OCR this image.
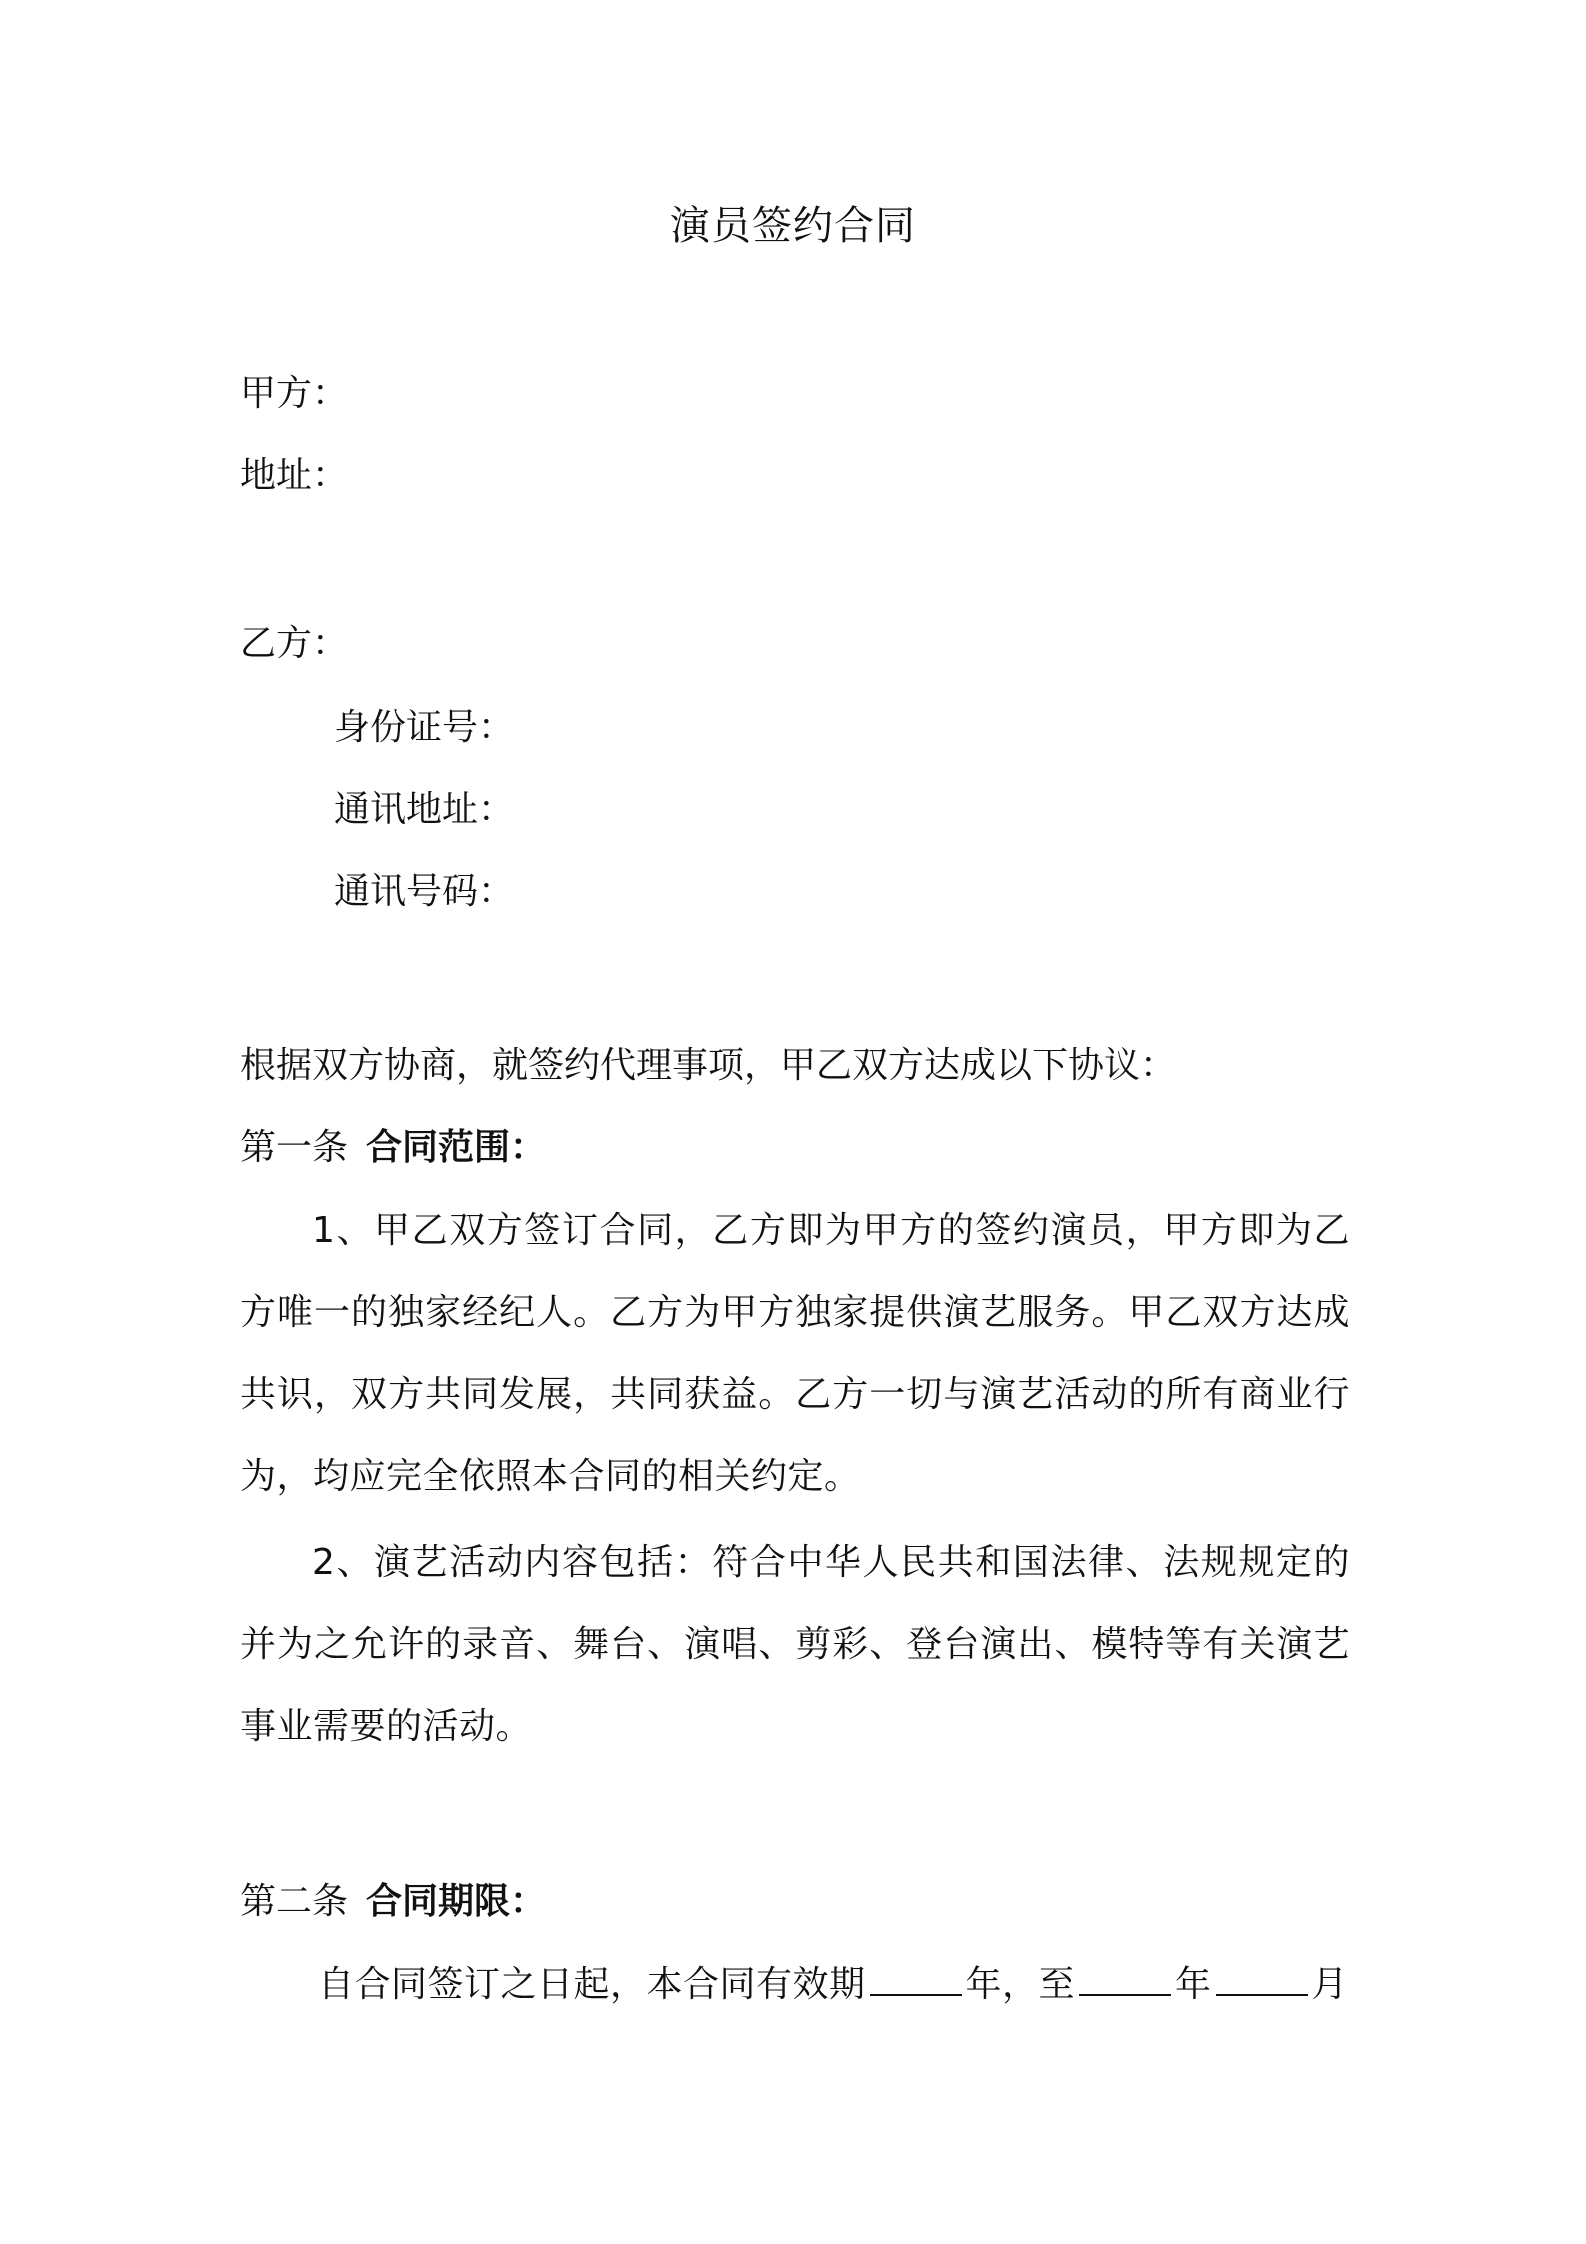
演员签约合同
甲方：
地址：
乙方：
身份证号：
通讯地址：
通讯号码：
根据双方协商，就签约代理事项，甲乙双方达成以下协议：
第一条 合同范围：
1、甲乙双方签订合同，乙方即为甲方的签约演员，甲方即为乙方唯一的独家经纪人。乙方为甲方独家提供演艺服务。甲乙双方达成共识，双方共同发展，共同获益。乙方一切与演艺活动的所有商业行为，均应完全依照本合同的相关约定。
2、演艺活动内容包括：符合中华人民共和国法律、法规规定的并为之允许的录音、舞台、演唱、剪彩、登台演出、模特等有关演艺事业需要的活动。
第二条 合同期限：
自合同签订之日起，本合同有效期	年，至	年	月
